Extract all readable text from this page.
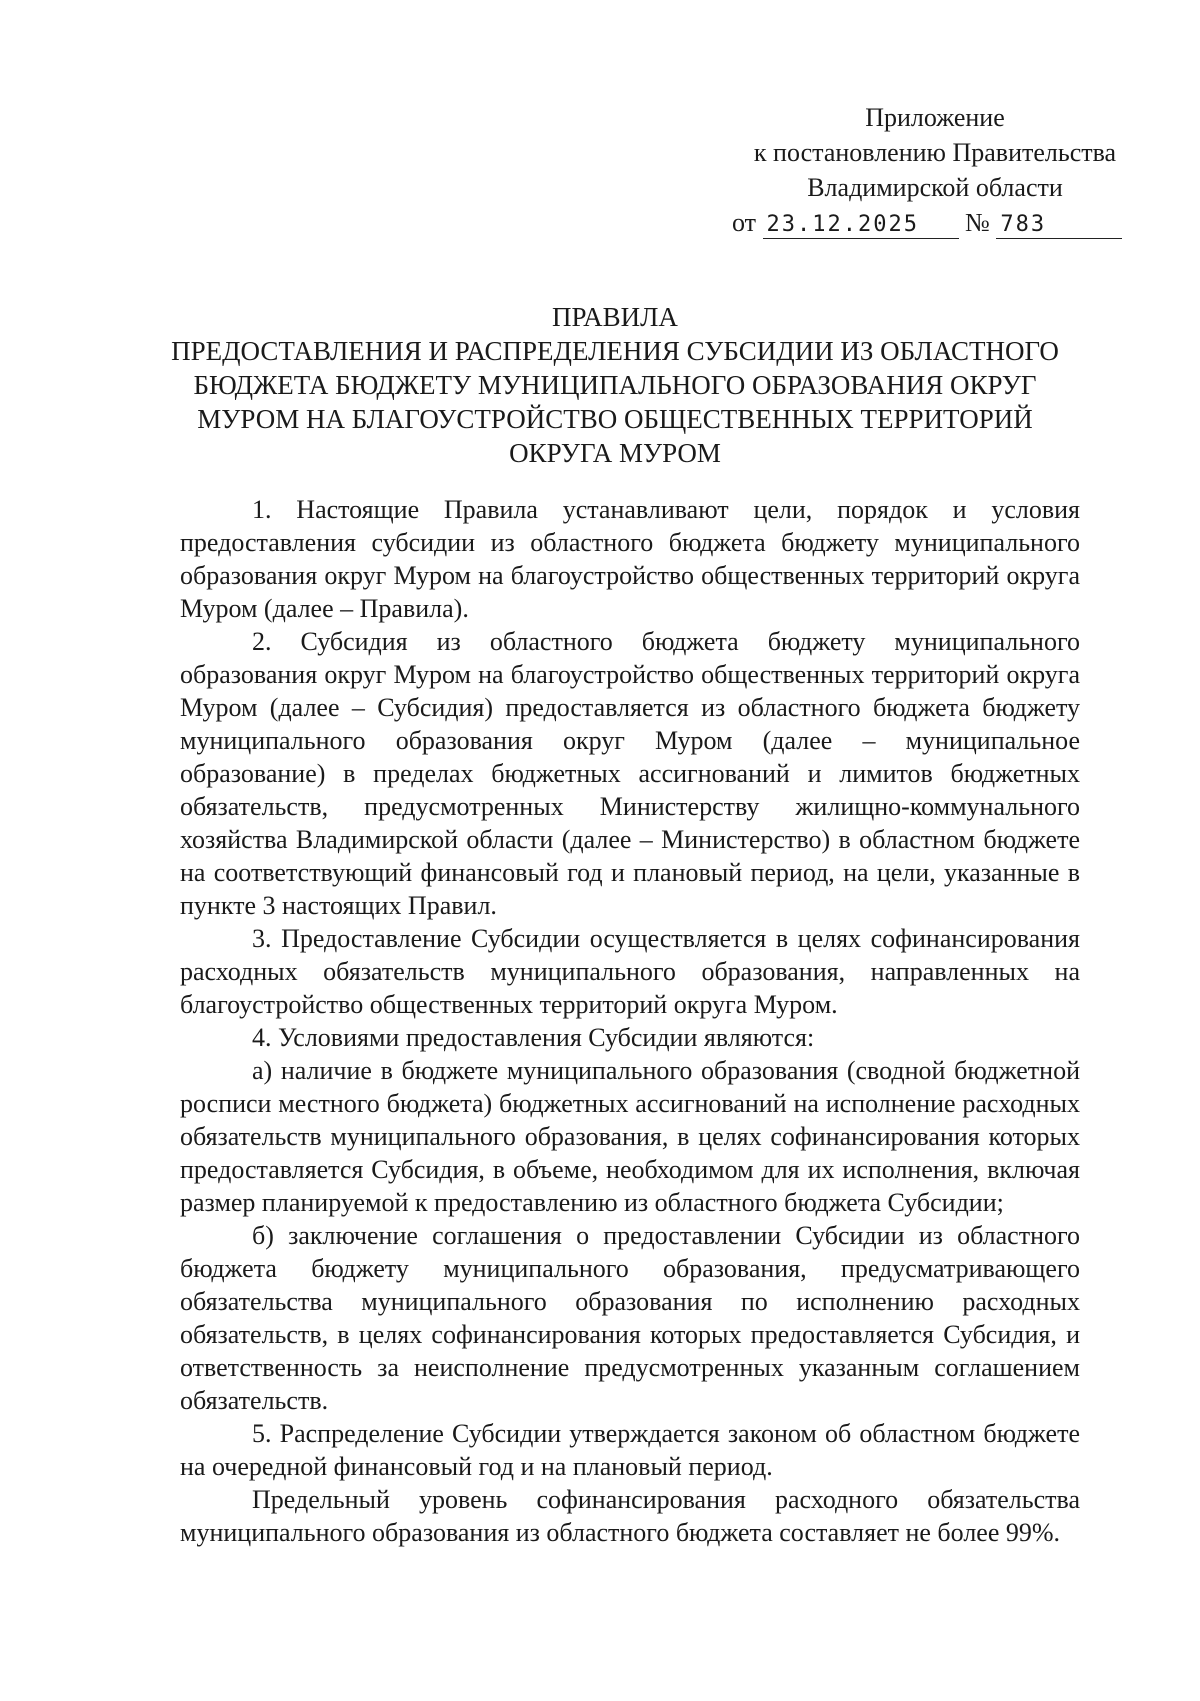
Приложение
к постановлению Правительства
Владимирской области
от 23.12.2025 № 783
ПРАВИЛА
ПРЕДОСТАВЛЕНИЯ И РАСПРЕДЕЛЕНИЯ СУБСИДИИ ИЗ ОБЛАСТНОГО
БЮДЖЕТА БЮДЖЕТУ МУНИЦИПАЛЬНОГО ОБРАЗОВАНИЯ ОКРУГ
МУРОМ НА БЛАГОУСТРОЙСТВО ОБЩЕСТВЕННЫХ ТЕРРИТОРИЙ
ОКРУГА МУРОМ

1. Настоящие Правила устанавливают цели, порядок и условия предоставления субсидии из областного бюджета бюджету муниципального образования округ Муром на благоустройство общественных территорий округа Муром (далее – Правила).

2. Субсидия из областного бюджета бюджету муниципального образования округ Муром на благоустройство общественных территорий округа Муром (далее – Субсидия) предоставляется из областного бюджета бюджету муниципального образования округ Муром (далее – муниципальное образование) в пределах бюджетных ассигнований и лимитов бюджетных обязательств, предусмотренных Министерству жилищно-коммунального хозяйства Владимирской области (далее – Министерство) в областном бюджете на соответствующий финансовый год и плановый период, на цели, указанные в пункте 3 настоящих Правил.

3. Предоставление Субсидии осуществляется в целях софинансирования расходных обязательств муниципального образования, направленных на благоустройство общественных территорий округа Муром.

4. Условиями предоставления Субсидии являются:

а) наличие в бюджете муниципального образования (сводной бюджетной росписи местного бюджета) бюджетных ассигнований на исполнение расходных обязательств муниципального образования, в целях софинансирования которых предоставляется Субсидия, в объеме, необходимом для их исполнения, включая размер планируемой к предоставлению из областного бюджета Субсидии;

б) заключение соглашения о предоставлении Субсидии из областного бюджета бюджету муниципального образования, предусматривающего обязательства муниципального образования по исполнению расходных обязательств, в целях софинансирования которых предоставляется Субсидия, и ответственность за неисполнение предусмотренных указанным соглашением обязательств.

5. Распределение Субсидии утверждается законом об областном бюджете на очередной финансовый год и на плановый период.

Предельный уровень софинансирования расходного обязательства муниципального образования из областного бюджета составляет не более 99%.
